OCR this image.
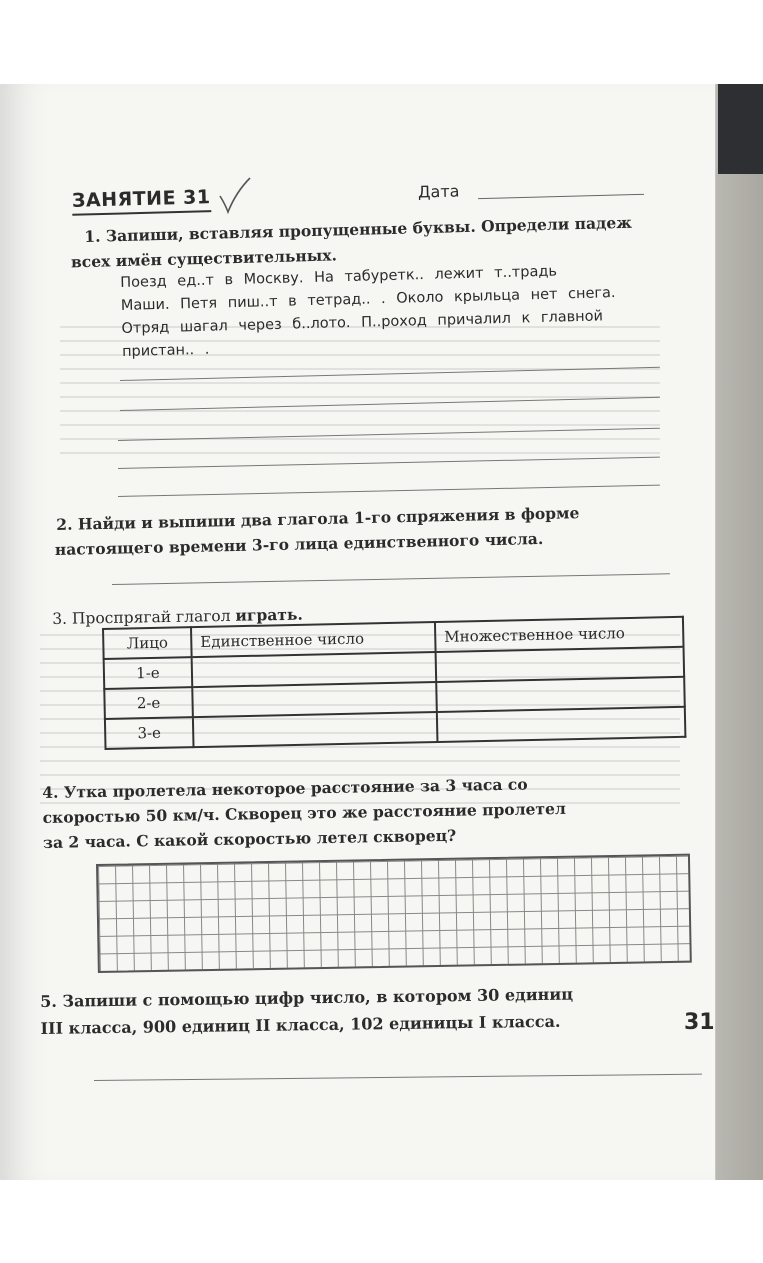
ЗАНЯТИЕ 31	Дата
1. Запиши, вставляя пропущенные буквы. Определи падеж
всех имён существительных.
Поезд ед..т в Москву. На табуретк.. лежит т..традь
Маши. Петя пиш..т в тетрад.. . Около крыльца нет снега.
Отряд шагал через б..лото. П..роход причалил к главной
пристан.. .
2. Найди и выпиши два глагола 1-го спряжения в форме
настоящего времени 3-го лица единственного числа.
3. Проспрягай глагол играть.
Лицо	Единственное число	Множественное число
1-е		
2-е		
3-е		
4. Утка пролетела некоторое расстояние за 3 часа со
скоростью 50 км/ч. Скворец это же расстояние пролетел
за 2 часа. С какой скоростью летел скворец?
5. Запиши с помощью цифр число, в котором 30 единиц
III класса, 900 единиц II класса, 102 единицы I класса.	31
